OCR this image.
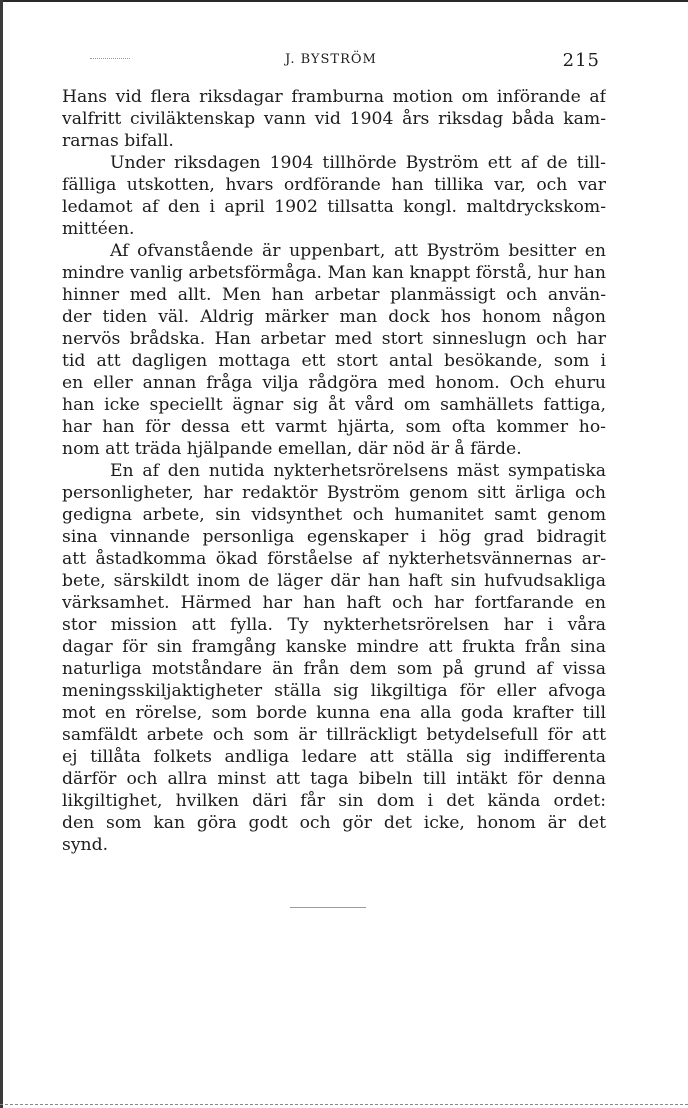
J. BYSTRÖM	215
Hans vid flera riksdagar framburna motion om införande af
valfritt civiläktenskap vann vid 1904 års riksdag båda kam-
rarnas bifall.
Under riksdagen 1904 tillhörde Byström ett af de till-
fälliga utskotten, hvars ordförande han tillika var, och var
ledamot af den i april 1902 tillsatta kongl. maltdryckskom-
mittéen.
Af ofvanstående är uppenbart, att Byström besitter en
mindre vanlig arbetsförmåga. Man kan knappt förstå, hur han
hinner med allt. Men han arbetar planmässigt och använ-
der tiden väl. Aldrig märker man dock hos honom någon
nervös brådska. Han arbetar med stort sinneslugn och har
tid att dagligen mottaga ett stort antal besökande, som i
en eller annan fråga vilja rådgöra med honom. Och ehuru
han icke speciellt ägnar sig åt vård om samhällets fattiga,
har han för dessa ett varmt hjärta, som ofta kommer ho-
nom att träda hjälpande emellan, där nöd är å färde.
En af den nutida nykterhetsrörelsens mäst sympatiska
personligheter, har redaktör Byström genom sitt ärliga och
gedigna arbete, sin vidsynthet och humanitet samt genom
sina vinnande personliga egenskaper i hög grad bidragit
att åstadkomma ökad förståelse af nykterhetsvännernas ar-
bete, särskildt inom de läger där han haft sin hufvudsakliga
värksamhet. Härmed har han haft och har fortfarande en
stor mission att fylla. Ty nykterhetsrörelsen har i våra
dagar för sin framgång kanske mindre att frukta från sina
naturliga motståndare än från dem som på grund af vissa
meningsskiljaktigheter ställa sig likgiltiga för eller afvoga
mot en rörelse, som borde kunna ena alla goda krafter till
samfäldt arbete och som är tillräckligt betydelsefull för att
ej tillåta folkets andliga ledare att ställa sig indifferenta
därför och allra minst att taga bibeln till intäkt för denna
likgiltighet, hvilken däri får sin dom i det kända ordet:
den som kan göra godt och gör det icke, honom är det
synd.
